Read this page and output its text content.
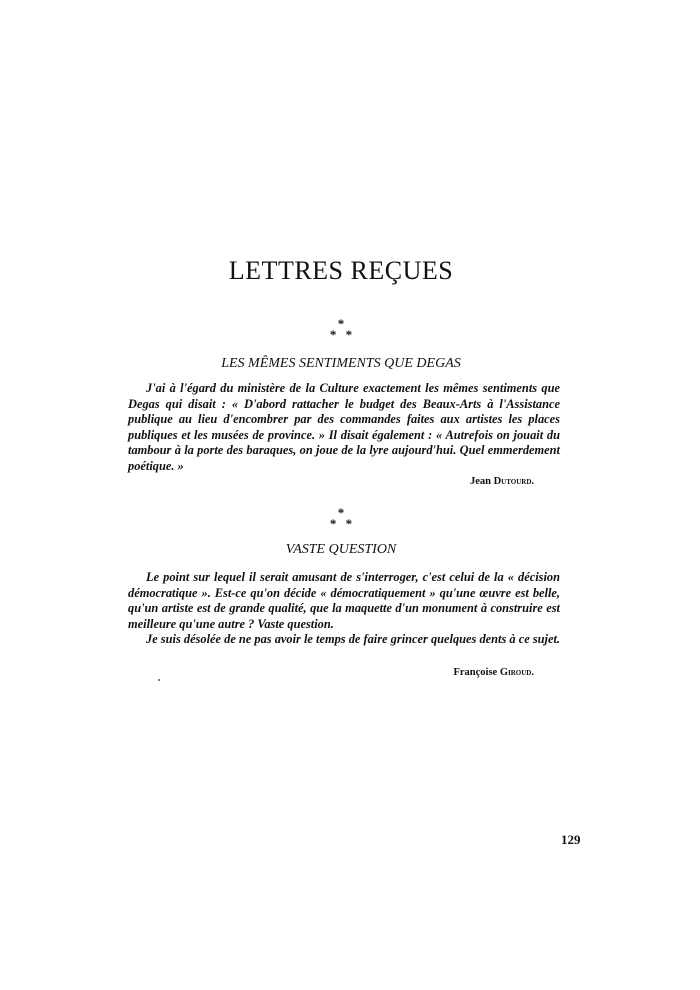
LETTRES REÇUES
*
* *
LES MÊMES SENTIMENTS QUE DEGAS

J'ai à l'égard du ministère de la Culture exactement les mêmes sentiments que Degas qui disait : « D'abord rattacher le budget des Beaux-Arts à l'Assistance publique au lieu d'encombrer par des commandes faites aux artistes les places publiques et les musées de province. » Il disait également : « Autrefois on jouait du tambour à la porte des baraques, on joue de la lyre aujourd'hui. Quel emmerdement poétique. »

Jean Dutourd.
*
* *
VASTE QUESTION

Le point sur lequel il serait amusant de s'interroger, c'est celui de la « décision démocratique ». Est-ce qu'on décide « démocratiquement » qu'une œuvre est belle, qu'un artiste est de grande qualité, que la maquette d'un monument à construire est meilleure qu'une autre ? Vaste question.

Je suis désolée de ne pas avoir le temps de faire grincer quelques dents à ce sujet.

Françoise Giroud.
129
